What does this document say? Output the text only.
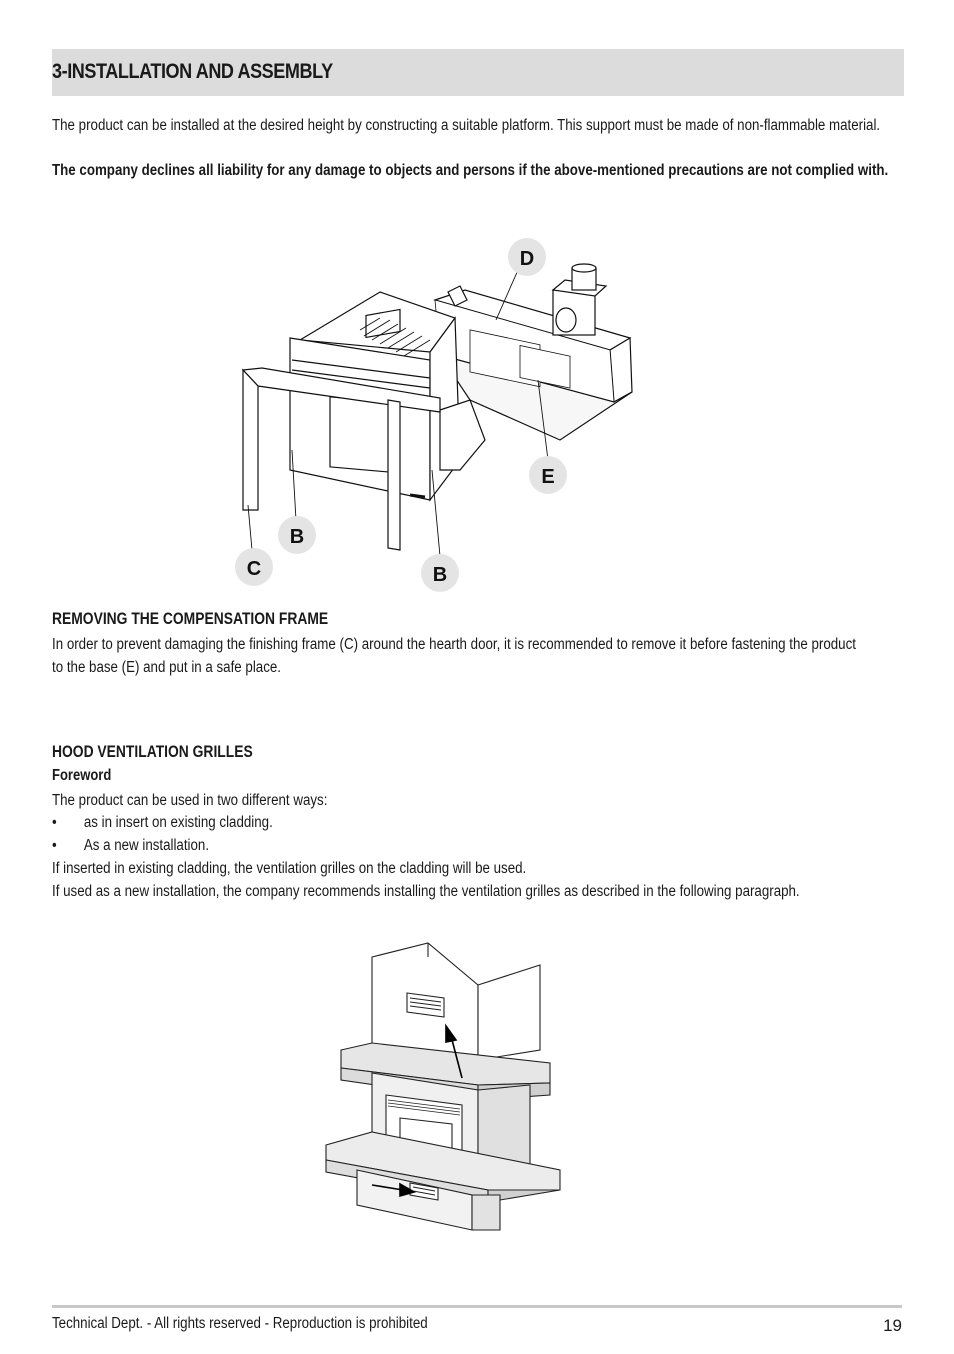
3-INSTALLATION AND ASSEMBLY
The product can be installed at the desired height by constructing a suitable platform. This support must be made of non-flammable material.
The company declines all liability for any damage to objects and persons if the above-mentioned precautions are not complied with.
D
E
B
B
C
REMOVING THE COMPENSATION FRAME
In order to prevent damaging the finishing frame (C) around the hearth door, it is recommended to remove it before fastening the product
to the base (E) and put in a safe place.
HOOD VENTILATION GRILLES
Foreword
The product can be used in two different ways:
• as in insert on existing cladding.
• As a new installation.
If inserted in existing cladding, the ventilation grilles on the cladding will be used.
If used as a new installation, the company recommends installing the ventilation grilles as described in the following paragraph.
Technical Dept. - All rights reserved - Reproduction is prohibited	19
